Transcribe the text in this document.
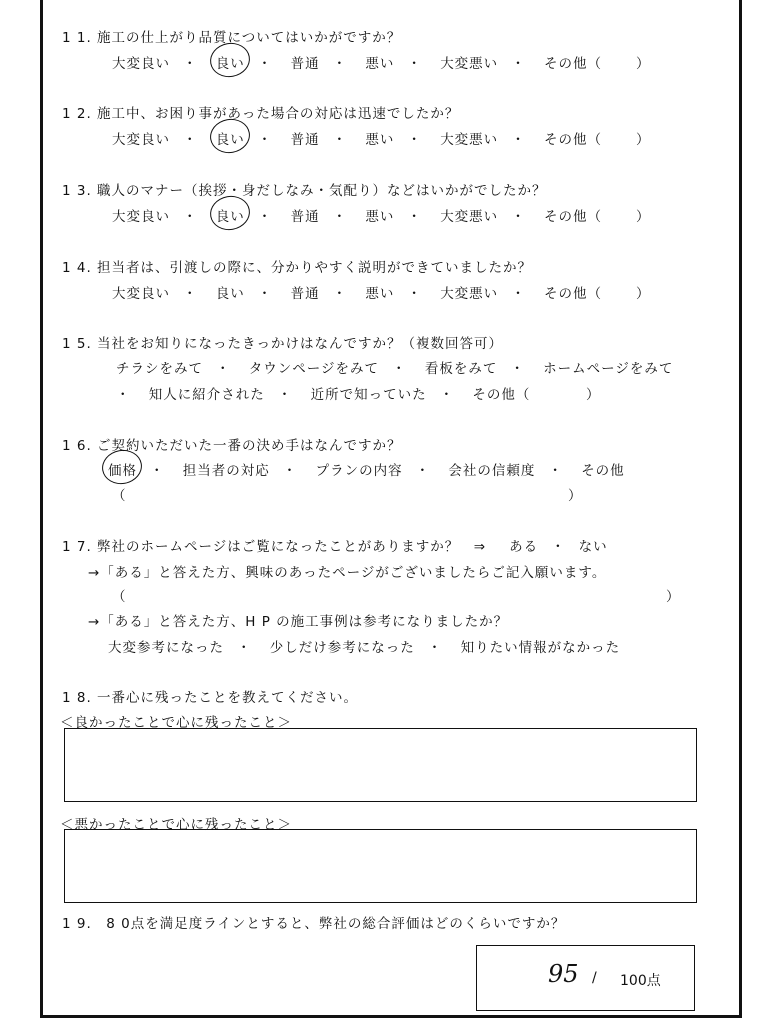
1 1. 施工の仕上がり品質についてはいかがですか？
大変良い ・ 良い ・ 普通 ・ 悪い ・ 大変悪い ・ その他（	）
1 2. 施工中、お困り事があった場合の対応は迅速でしたか？
大変良い ・ 良い ・ 普通 ・ 悪い ・ 大変悪い ・ その他（	）
1 3. 職人のマナー（挨拶・身だしなみ・気配り）などはいかがでしたか？
大変良い ・ 良い ・ 普通 ・ 悪い ・ 大変悪い ・ その他（	）
1 4. 担当者は、引渡しの際に、分かりやすく説明ができていましたか？
大変良い ・ 良い ・ 普通 ・ 悪い ・ 大変悪い ・ その他（	）
1 5. 当社をお知りになったきっかけはなんですか？（複数回答可）
チラシをみて ・ タウンページをみて ・ 看板をみて ・ ホームページをみて
・ 知人に紹介された ・ 近所で知っていた ・ その他（	）
1 6. ご契約いただいた一番の決め手はなんですか？
価格 ・ 担当者の対応 ・ プランの内容 ・ 会社の信頼度 ・ その他
（	）
1 7. 弊社のホームページはご覧になったことがありますか？　⇒ ある ・ ない
→「ある」と答えた方、興味のあったページがございましたらご記入願います。
（	）
→「ある」と答えた方、H P の施工事例は参考になりましたか？
大変参考になった ・ 少しだけ参考になった ・ 知りたい情報がなかった
1 8. 一番心に残ったことを教えてください。
＜良かったことで心に残ったこと＞
＜悪かったことで心に残ったこと＞
1 9.　8 0点を満足度ラインとすると、弊社の総合評価はどのくらいですか？
95 / 100点
